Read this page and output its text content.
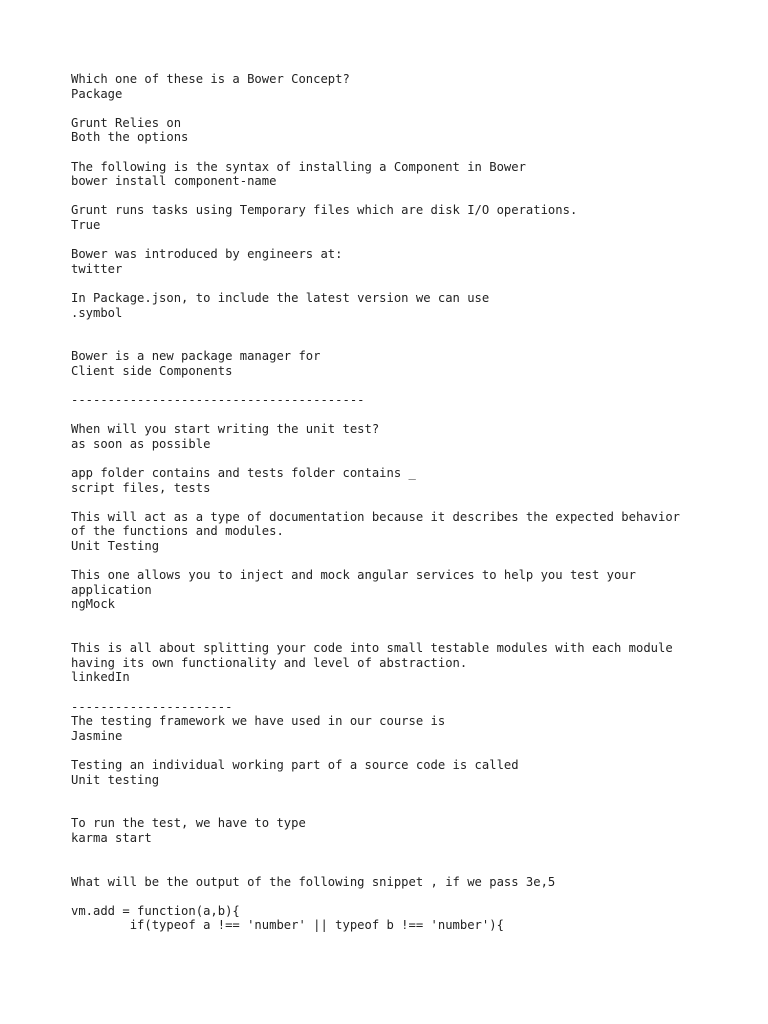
Which one of these is a Bower Concept?
Package
Grunt Relies on
Both the options
The following is the syntax of installing a Component in Bower
bower install component-name
Grunt runs tasks using Temporary files which are disk I/O operations.
True
Bower was introduced by engineers at:
twitter
In Package.json, to include the latest version we can use
.symbol
Bower is a new package manager for
Client side Components
----------------------------------------
When will you start writing the unit test?
as soon as possible
app folder contains and tests folder contains _
script files, tests
This will act as a type of documentation because it describes the expected behavior
of the functions and modules.
Unit Testing
This one allows you to inject and mock angular services to help you test your
application
ngMock
This is all about splitting your code into small testable modules with each module
having its own functionality and level of abstraction.
linkedIn
----------------------
The testing framework we have used in our course is
Jasmine
Testing an individual working part of a source code is called
Unit testing
To run the test, we have to type
karma start
What will be the output of the following snippet , if we pass 3e,5
vm.add = function(a,b){
if(typeof a !== 'number' || typeof b !== 'number'){
